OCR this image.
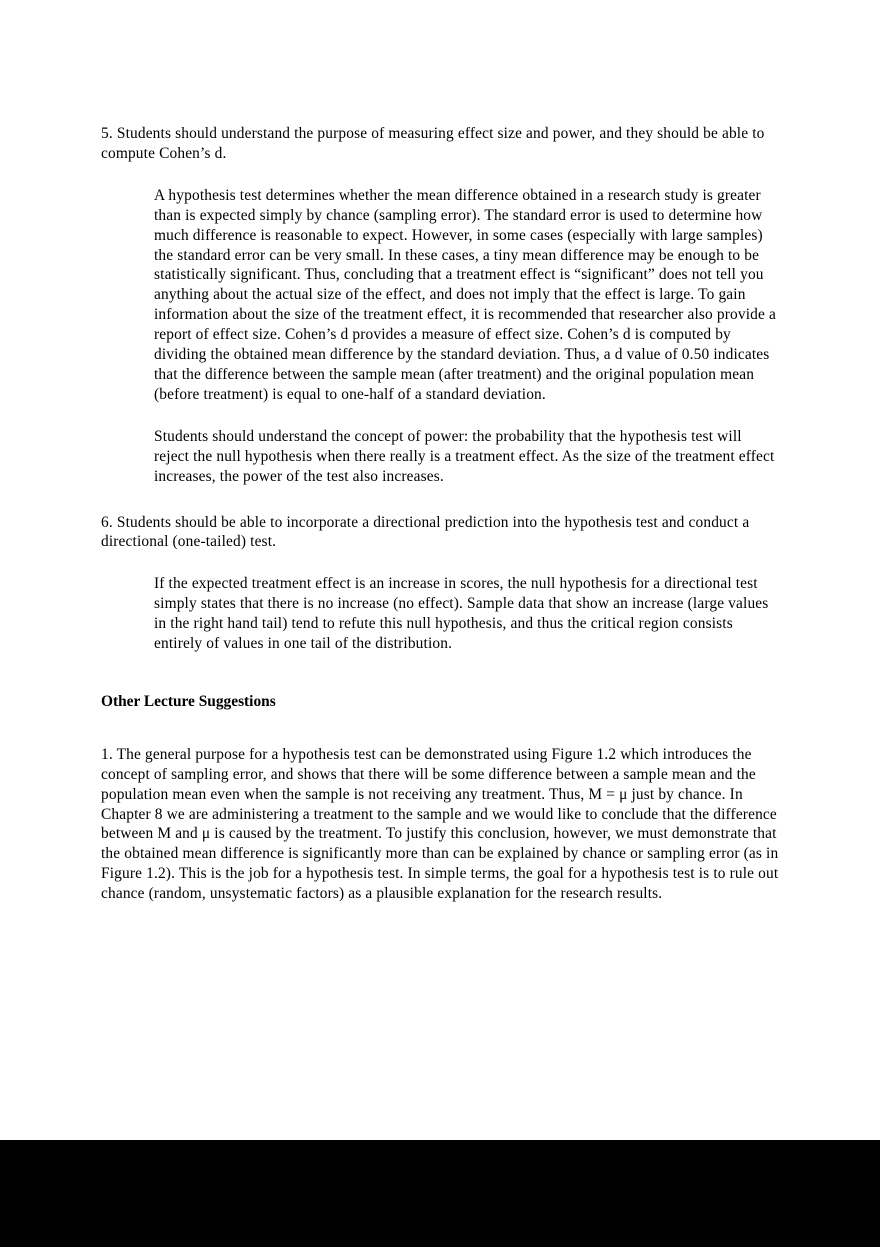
5. Students should understand the purpose of measuring effect size and power, and they should be able to compute Cohen’s d.

A hypothesis test determines whether the mean difference obtained in a research study is greater than is expected simply by chance (sampling error). The standard error is used to determine how much difference is reasonable to expect. However, in some cases (especially with large samples) the standard error can be very small. In these cases, a tiny mean difference may be enough to be statistically significant. Thus, concluding that a treatment effect is “significant” does not tell you anything about the actual size of the effect, and does not imply that the effect is large. To gain information about the size of the treatment effect, it is recommended that researcher also provide a report of effect size. Cohen’s d provides a measure of effect size. Cohen’s d is computed by dividing the obtained mean difference by the standard deviation. Thus, a d value of 0.50 indicates that the difference between the sample mean (after treatment) and the original population mean (before treatment) is equal to one-half of a standard deviation.

Students should understand the concept of power: the probability that the hypothesis test will reject the null hypothesis when there really is a treatment effect. As the size of the treatment effect increases, the power of the test also increases.

6. Students should be able to incorporate a directional prediction into the hypothesis test and conduct a directional (one-tailed) test.

If the expected treatment effect is an increase in scores, the null hypothesis for a directional test simply states that there is no increase (no effect). Sample data that show an increase (large values in the right hand tail) tend to refute this null hypothesis, and thus the critical region consists entirely of values in one tail of the distribution.

Other Lecture Suggestions

1. The general purpose for a hypothesis test can be demonstrated using Figure 1.2 which introduces the concept of sampling error, and shows that there will be some difference between a sample mean and the population mean even when the sample is not receiving any treatment. Thus, M = μ just by chance. In Chapter 8 we are administering a treatment to the sample and we would like to conclude that the difference between M and μ is caused by the treatment. To justify this conclusion, however, we must demonstrate that the obtained mean difference is significantly more than can be explained by chance or sampling error (as in Figure 1.2). This is the job for a hypothesis test. In simple terms, the goal for a hypothesis test is to rule out chance (random, unsystematic factors) as a plausible explanation for the research results.
